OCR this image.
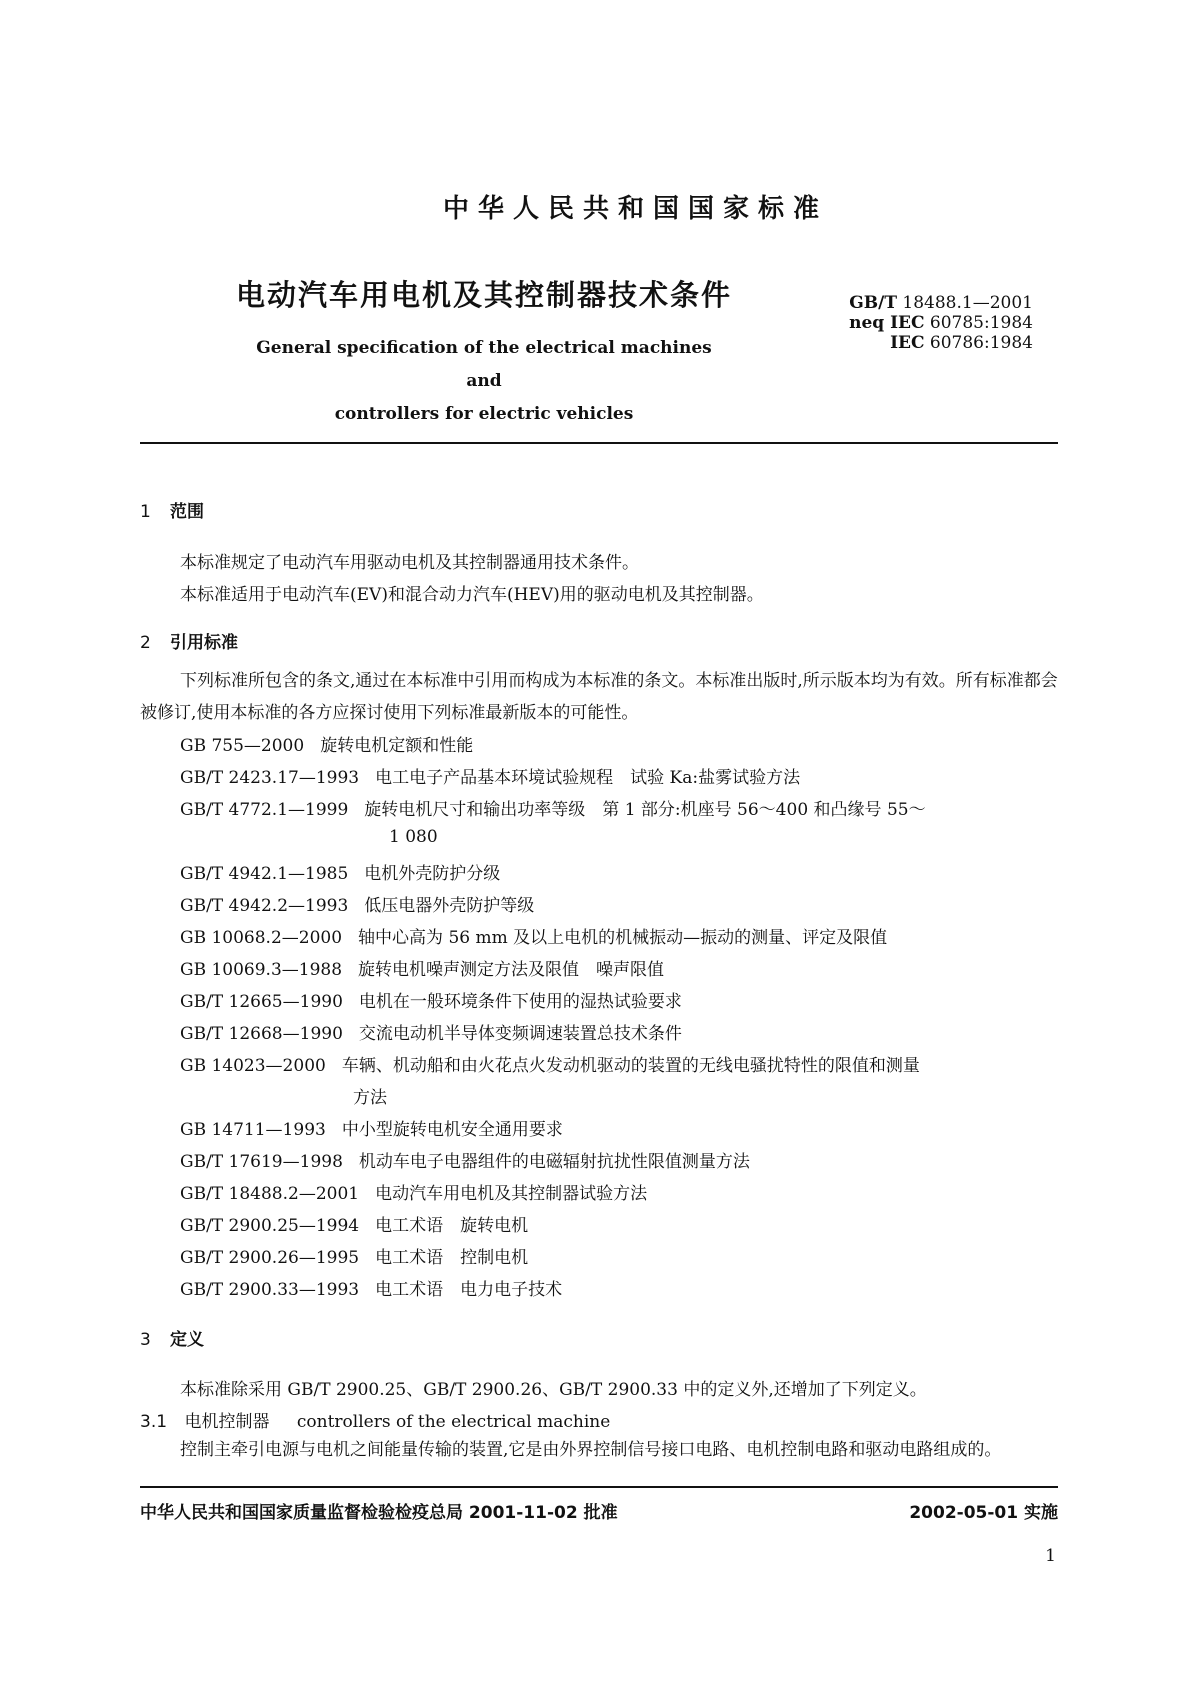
中华人民共和国国家标准
电动汽车用电机及其控制器技术条件
General specification of the electrical machines and
controllers for electric vehicles
GB/T 18488.1—2001
neq IEC 60785:1984
IEC 60786:1984
1 范围
本标准规定了电动汽车用驱动电机及其控制器通用技术条件。
本标准适用于电动汽车(EV)和混合动力汽车(HEV)用的驱动电机及其控制器。
2 引用标准
下列标准所包含的条文,通过在本标准中引用而构成为本标准的条文。本标准出版时,所示版本均为有效。所有标准都会被修订,使用本标准的各方应探讨使用下列标准最新版本的可能性。
GB 755—2000 旋转电机定额和性能
GB/T 2423.17—1993 电工电子产品基本环境试验规程　试验 Ka:盐雾试验方法
GB/T 4772.1—1999 旋转电机尺寸和输出功率等级　第 1 部分:机座号 56～400 和凸缘号 55～
1 080
GB/T 4942.1—1985 电机外壳防护分级
GB/T 4942.2—1993 低压电器外壳防护等级
GB 10068.2—2000 轴中心高为 56 mm 及以上电机的机械振动—振动的测量、评定及限值
GB 10069.3—1988 旋转电机噪声测定方法及限值　噪声限值
GB/T 12665—1990 电机在一般环境条件下使用的湿热试验要求
GB/T 12668—1990 交流电动机半导体变频调速装置总技术条件
GB 14023—2000 车辆、机动船和由火花点火发动机驱动的装置的无线电骚扰特性的限值和测量
方法
GB 14711—1993 中小型旋转电机安全通用要求
GB/T 17619—1998 机动车电子电器组件的电磁辐射抗扰性限值测量方法
GB/T 18488.2—2001 电动汽车用电机及其控制器试验方法
GB/T 2900.25—1994 电工术语　旋转电机
GB/T 2900.26—1995 电工术语　控制电机
GB/T 2900.33—1993 电工术语　电力电子技术
3 定义
本标准除采用 GB/T 2900.25、GB/T 2900.26、GB/T 2900.33 中的定义外,还增加了下列定义。
3.1 电机控制器 controllers of the electrical machine
控制主牵引电源与电机之间能量传输的装置,它是由外界控制信号接口电路、电机控制电路和驱动电路组成的。
中华人民共和国国家质量监督检验检疫总局 2001-11-02 批准	2002-05-01 实施
1
